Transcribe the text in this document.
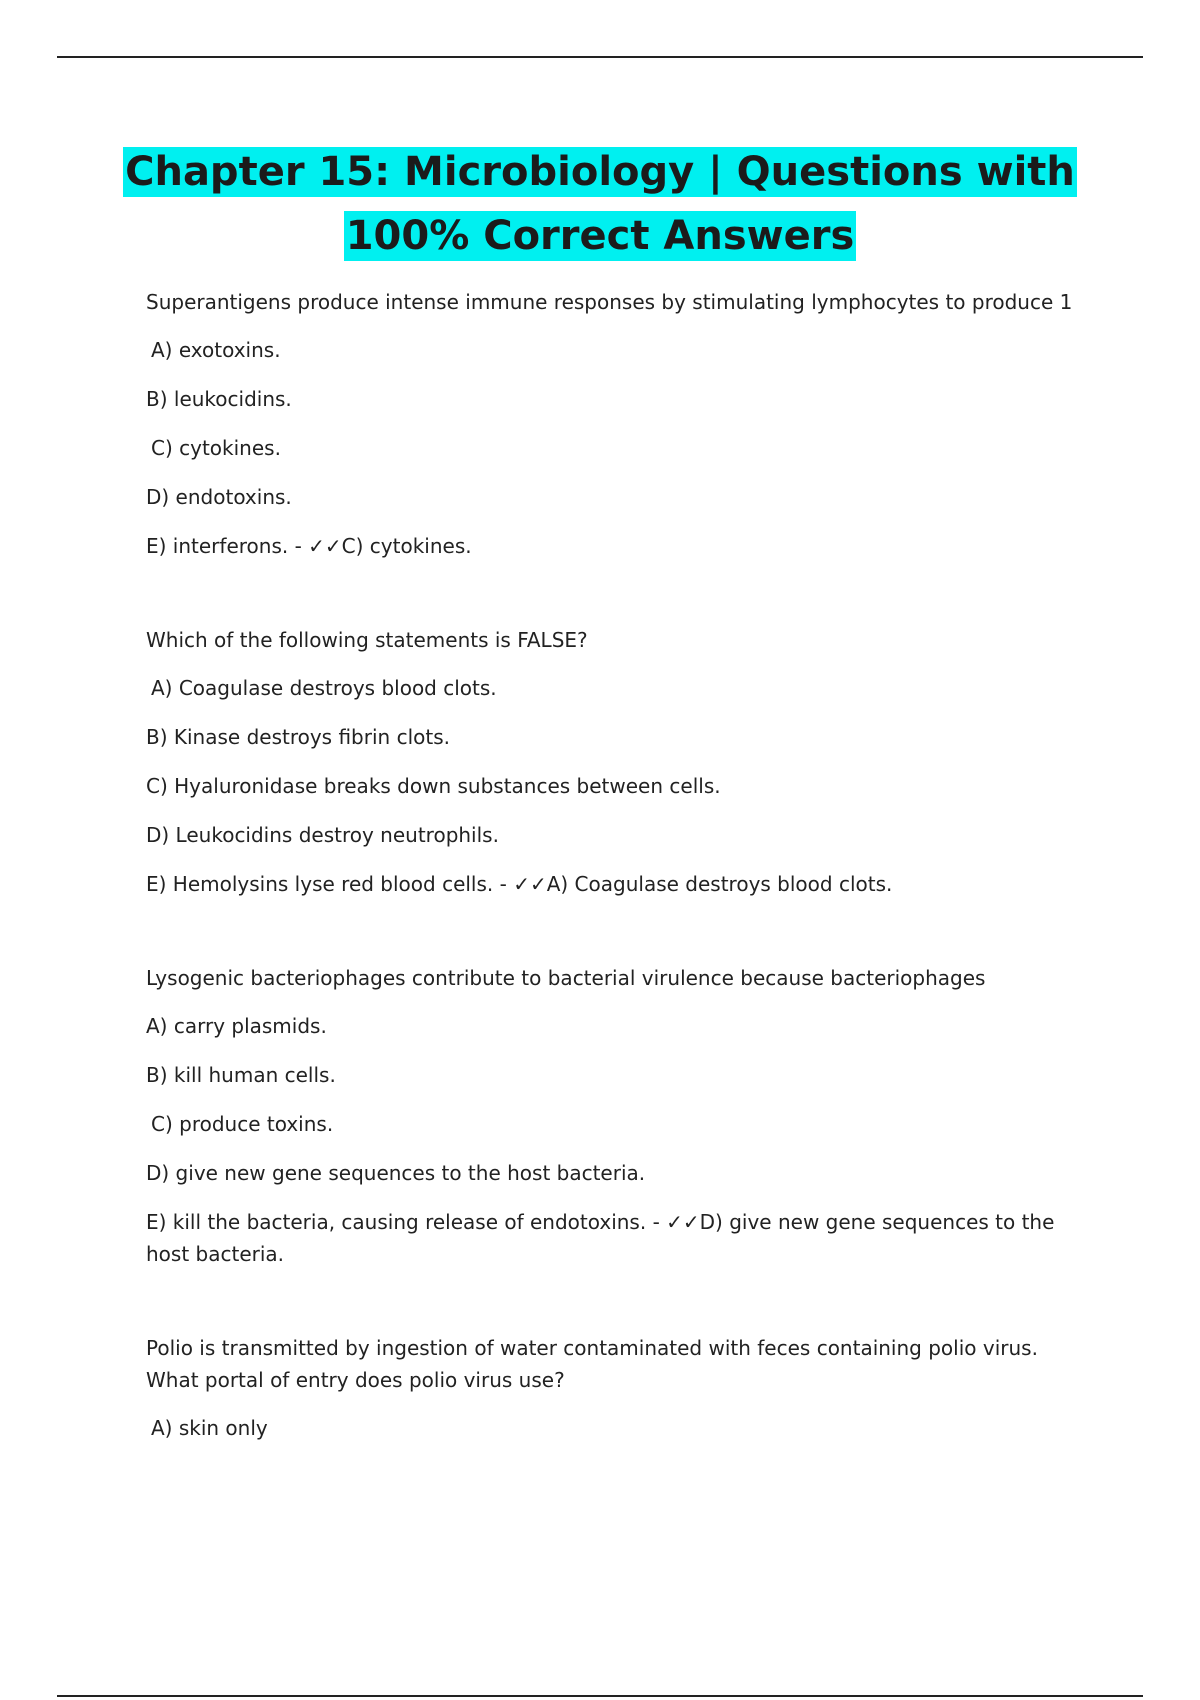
Chapter 15: Microbiology | Questions with
100% Correct Answers
Superantigens produce intense immune responses by stimulating lymphocytes to produce 1
A) exotoxins.
B) leukocidins.
C) cytokines.
D) endotoxins.
E) interferons. - ✓✓C) cytokines.
Which of the following statements is FALSE?
A) Coagulase destroys blood clots.
B) Kinase destroys fibrin clots.
C) Hyaluronidase breaks down substances between cells.
D) Leukocidins destroy neutrophils.
E) Hemolysins lyse red blood cells. - ✓✓A) Coagulase destroys blood clots.
Lysogenic bacteriophages contribute to bacterial virulence because bacteriophages
A) carry plasmids.
B) kill human cells.
C) produce toxins.
D) give new gene sequences to the host bacteria.
E) kill the bacteria, causing release of endotoxins. - ✓✓D) give new gene sequences to the host bacteria.
Polio is transmitted by ingestion of water contaminated with feces containing polio virus. What portal of entry does polio virus use?
A) skin only
